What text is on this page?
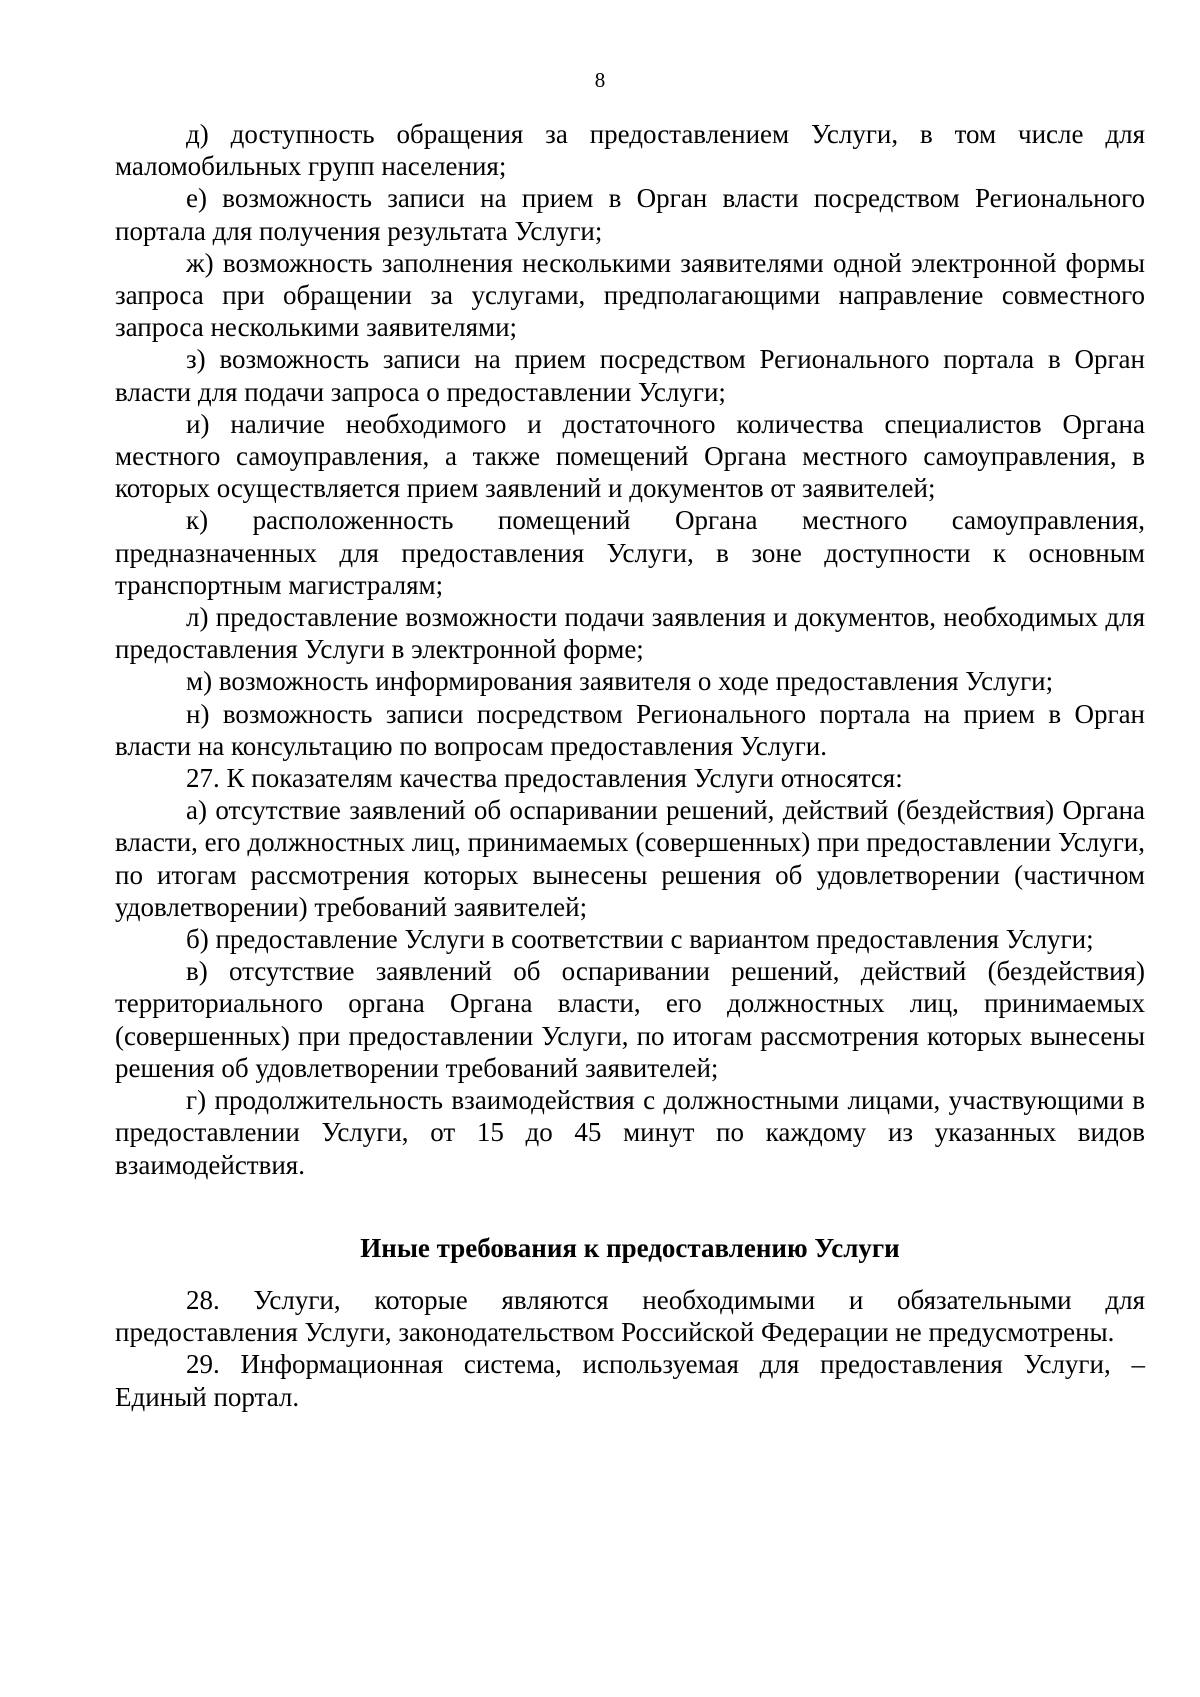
8

д) доступность обращения за предоставлением Услуги, в том числе для маломобильных групп населения;

е) возможность записи на прием в Орган власти посредством Регионального портала для получения результата Услуги;

ж) возможность заполнения несколькими заявителями одной электронной формы запроса при обращении за услугами, предполагающими направление совместного запроса несколькими заявителями;

з) возможность записи на прием посредством Регионального портала в Орган власти для подачи запроса о предоставлении Услуги;

и) наличие необходимого и достаточного количества специалистов Органа местного самоуправления, а также помещений Органа местного самоуправления, в которых осуществляется прием заявлений и документов от заявителей;

к) расположенность помещений Органа местного самоуправления, предназначенных для предоставления Услуги, в зоне доступности к основным транспортным магистралям;

л) предоставление возможности подачи заявления и документов, необходимых для предоставления Услуги в электронной форме;

м) возможность информирования заявителя о ходе предоставления Услуги;

н) возможность записи посредством Регионального портала на прием в Орган власти на консультацию по вопросам предоставления Услуги.

27. К показателям качества предоставления Услуги относятся:

а) отсутствие заявлений об оспаривании решений, действий (бездействия) Органа власти, его должностных лиц, принимаемых (совершенных) при предоставлении Услуги, по итогам рассмотрения которых вынесены решения об удовлетворении (частичном удовлетворении) требований заявителей;

б) предоставление Услуги в соответствии с вариантом предоставления Услуги;

в) отсутствие заявлений об оспаривании решений, действий (бездействия) территориального органа Органа власти, его должностных лиц, принимаемых (совершенных) при предоставлении Услуги, по итогам рассмотрения которых вынесены решения об удовлетворении требований заявителей;

г) продолжительность взаимодействия с должностными лицами, участвующими в предоставлении Услуги, от 15 до 45 минут по каждому из указанных видов взаимодействия.

Иные требования к предоставлению Услуги

28. Услуги, которые являются необходимыми и обязательными для предоставления Услуги, законодательством Российской Федерации не предусмотрены.

29. Информационная система, используемая для предоставления Услуги, – Единый портал.
